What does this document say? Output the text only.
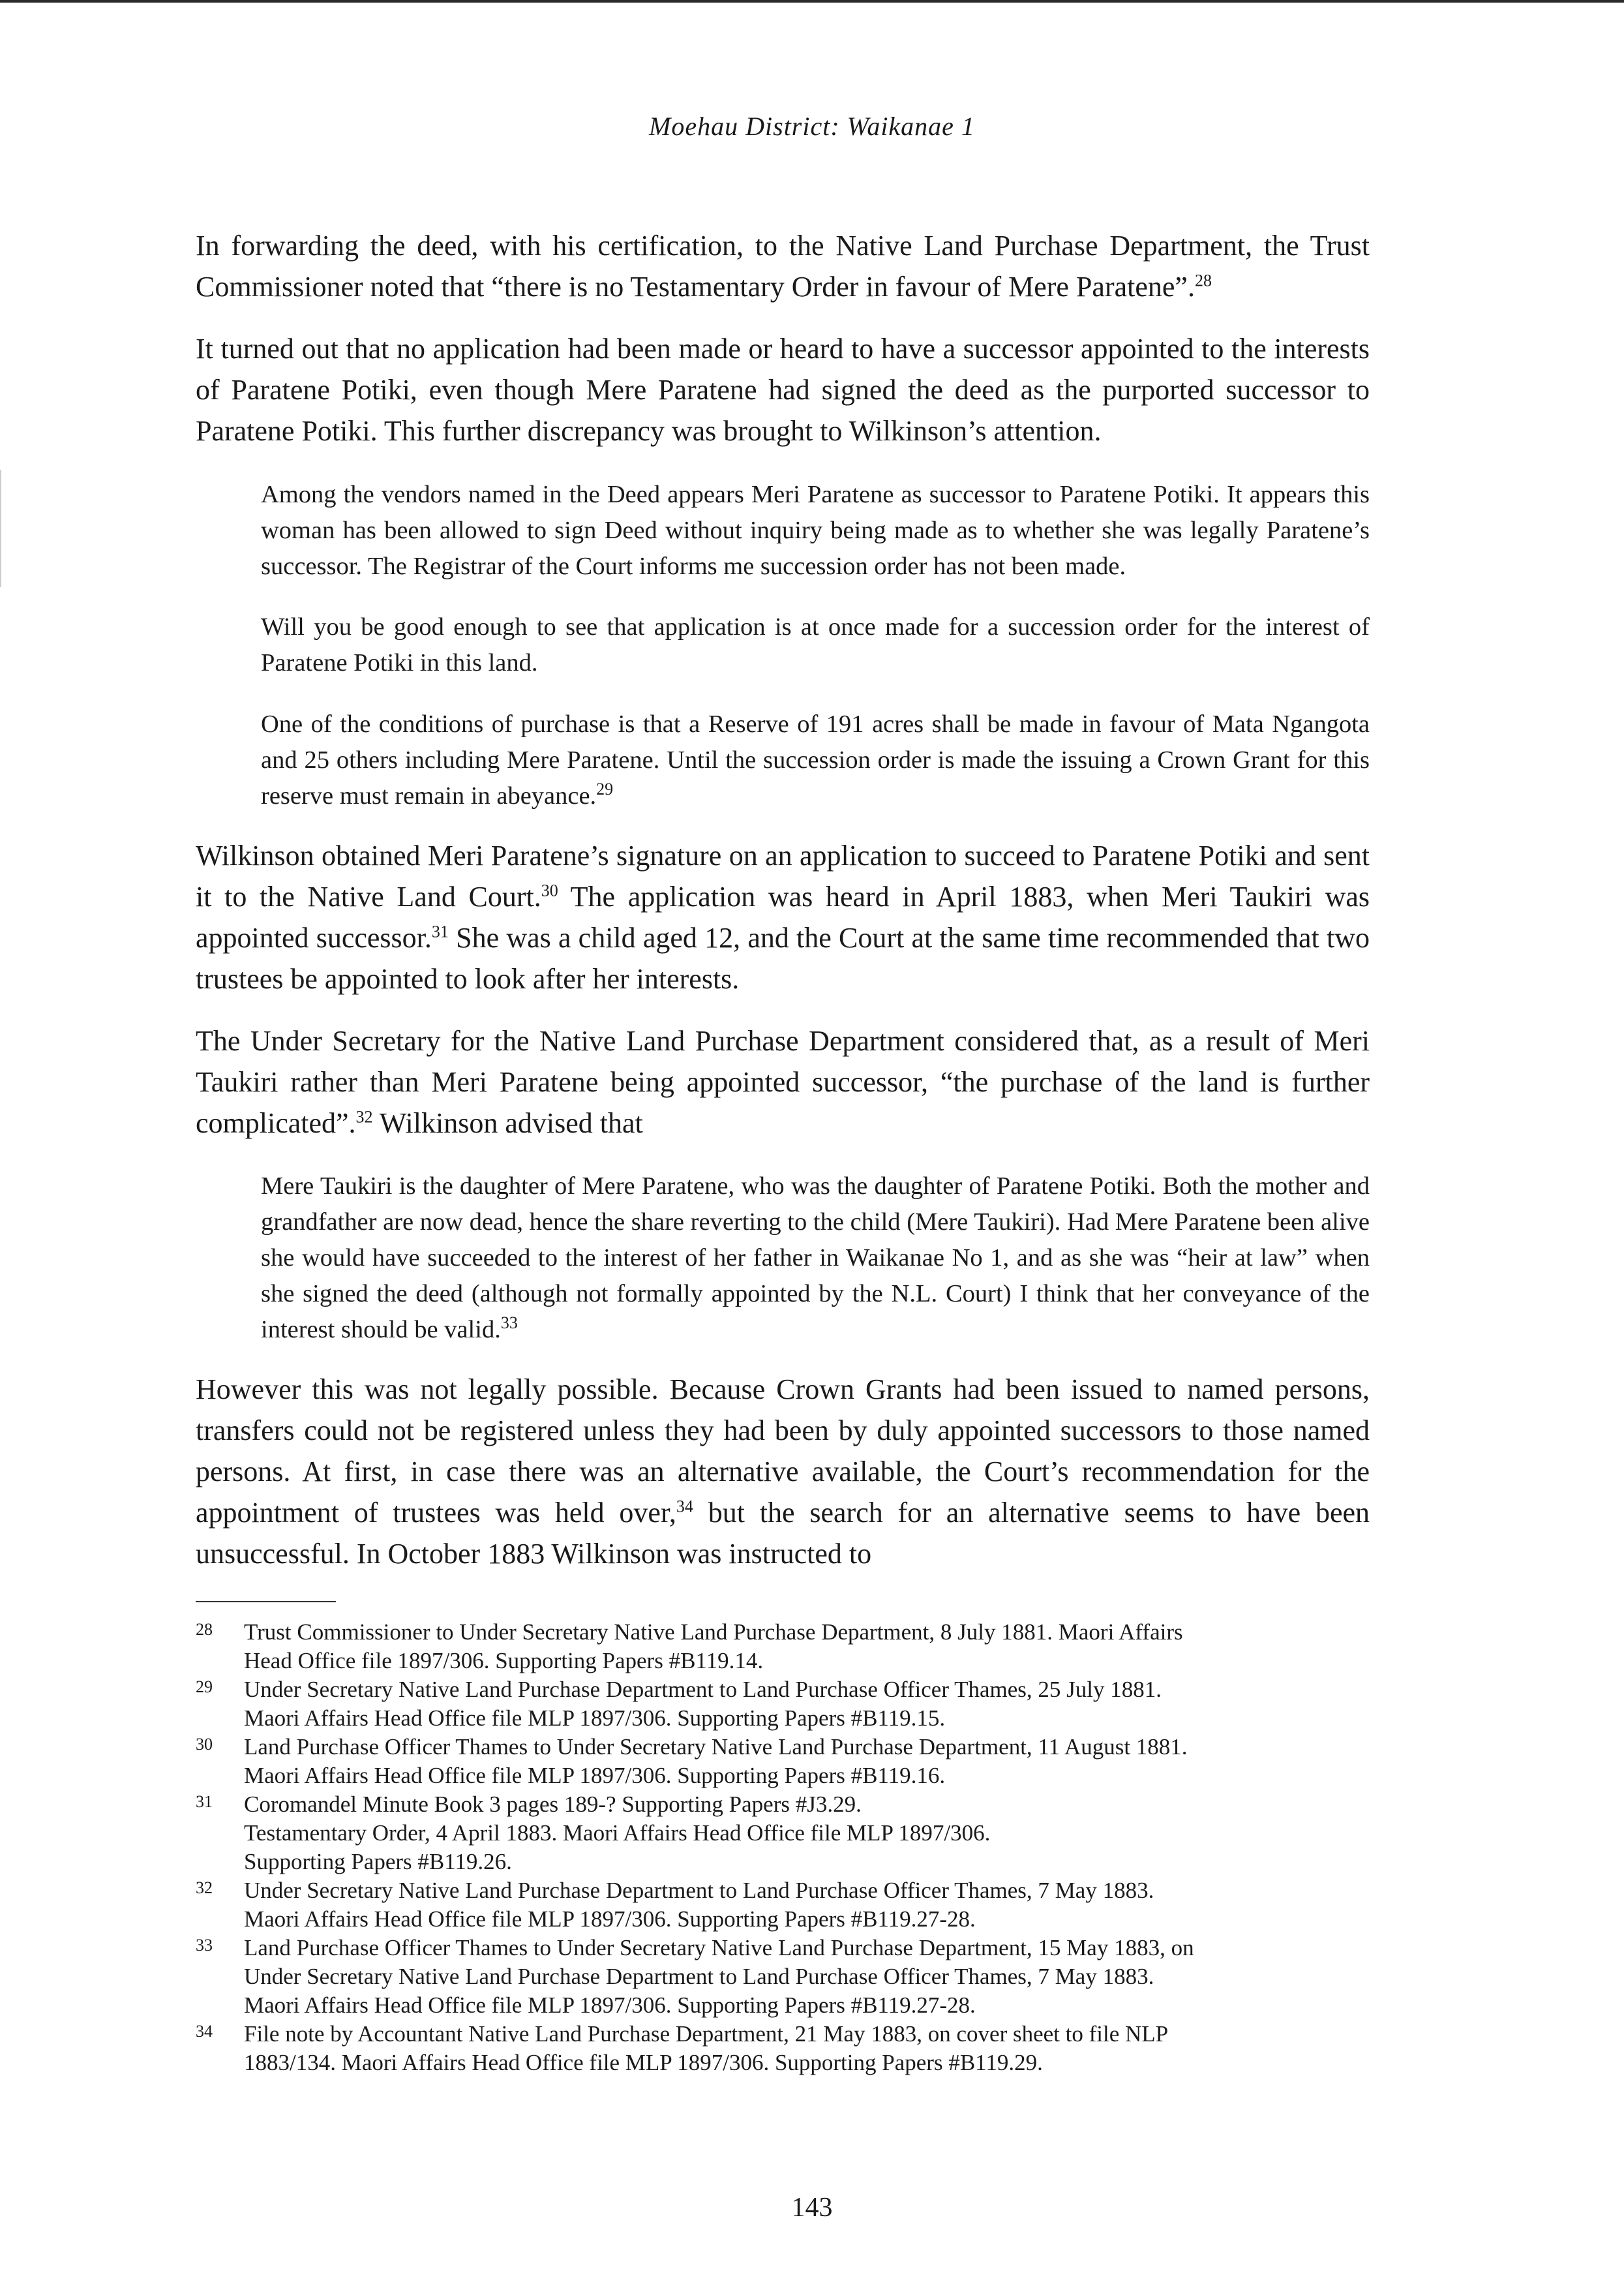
Moehau District: Waikanae 1

In forwarding the deed, with his certification, to the Native Land Purchase Department, the Trust Commissioner noted that “there is no Testamentary Order in favour of Mere Paratene”.$^{28}$

It turned out that no application had been made or heard to have a successor appointed to the interests of Paratene Potiki, even though Mere Paratene had signed the deed as the purported successor to Paratene Potiki. This further discrepancy was brought to Wilkinson’s attention.

Among the vendors named in the Deed appears Meri Paratene as successor to Paratene Potiki. It appears this woman has been allowed to sign Deed without inquiry being made as to whether she was legally Paratene’s successor. The Registrar of the Court informs me succession order has not been made.

Will you be good enough to see that application is at once made for a succession order for the interest of Paratene Potiki in this land.

One of the conditions of purchase is that a Reserve of 191 acres shall be made in favour of Mata Ngangota and 25 others including Mere Paratene. Until the succession order is made the issuing a Crown Grant for this reserve must remain in abeyance.$^{29}$

Wilkinson obtained Meri Paratene’s signature on an application to succeed to Paratene Potiki and sent it to the Native Land Court.$^{30}$ The application was heard in April 1883, when Meri Taukiri was appointed successor.$^{31}$ She was a child aged 12, and the Court at the same time recommended that two trustees be appointed to look after her interests.

The Under Secretary for the Native Land Purchase Department considered that, as a result of Meri Taukiri rather than Meri Paratene being appointed successor, “the purchase of the land is further complicated”.$^{32}$ Wilkinson advised that

Mere Taukiri is the daughter of Mere Paratene, who was the daughter of Paratene Potiki. Both the mother and grandfather are now dead, hence the share reverting to the child (Mere Taukiri). Had Mere Paratene been alive she would have succeeded to the interest of her father in Waikanae No 1, and as she was “heir at law” when she signed the deed (although not formally appointed by the N.L. Court) I think that her conveyance of the interest should be valid.$^{33}$

However this was not legally possible. Because Crown Grants had been issued to named persons, transfers could not be registered unless they had been by duly appointed successors to those named persons. At first, in case there was an alternative available, the Court’s recommendation for the appointment of trustees was held over,$^{34}$ but the search for an alternative seems to have been unsuccessful. In October 1883 Wilkinson was instructed to

28	Trust Commissioner to Under Secretary Native Land Purchase Department, 8 July 1881. Maori Affairs
Head Office file 1897/306. Supporting Papers #B119.14.
29	Under Secretary Native Land Purchase Department to Land Purchase Officer Thames, 25 July 1881.
Maori Affairs Head Office file MLP 1897/306. Supporting Papers #B119.15.
30	Land Purchase Officer Thames to Under Secretary Native Land Purchase Department, 11 August 1881.
Maori Affairs Head Office file MLP 1897/306. Supporting Papers #B119.16.
31	Coromandel Minute Book 3 pages 189-? Supporting Papers #J3.29.
Testamentary Order, 4 April 1883. Maori Affairs Head Office file MLP 1897/306.
Supporting Papers #B119.26.
32	Under Secretary Native Land Purchase Department to Land Purchase Officer Thames, 7 May 1883.
Maori Affairs Head Office file MLP 1897/306. Supporting Papers #B119.27-28.
33	Land Purchase Officer Thames to Under Secretary Native Land Purchase Department, 15 May 1883, on
Under Secretary Native Land Purchase Department to Land Purchase Officer Thames, 7 May 1883.
Maori Affairs Head Office file MLP 1897/306. Supporting Papers #B119.27-28.
34	File note by Accountant Native Land Purchase Department, 21 May 1883, on cover sheet to file NLP
1883/134. Maori Affairs Head Office file MLP 1897/306. Supporting Papers #B119.29.
143
